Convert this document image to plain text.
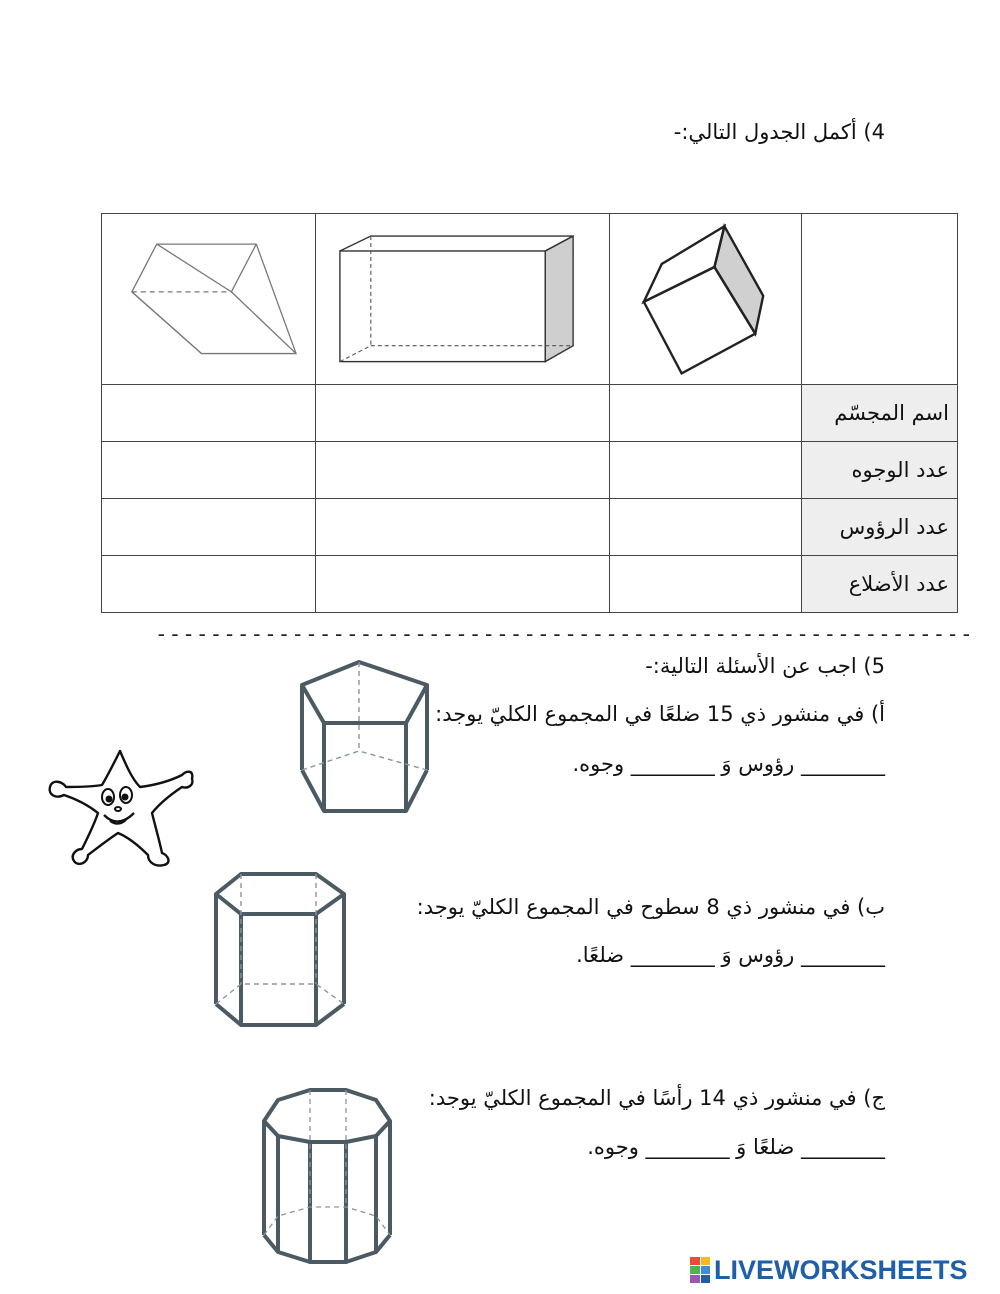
4) أكمل الجدول التالي:-

			اسم المجسّم
			عدد الوجوه
			عدد الرؤوس
			عدد الأضلاع
------------------------------------------------------------
5) اجب عن الأسئلة التالية:-
أ) في منشور ذي 15 ضلعًا في المجموع الكليّ يوجد:
________ رؤوس وَ ________ وجوه.
ب) في منشور ذي 8 سطوح في المجموع الكليّ يوجد:
________ رؤوس وَ ________ ضلعًا.
ج) في منشور ذي 14 رأسًا في المجموع الكليّ يوجد:
________ ضلعًا وَ ________ وجوه.
LIVEWORKSHEETS
